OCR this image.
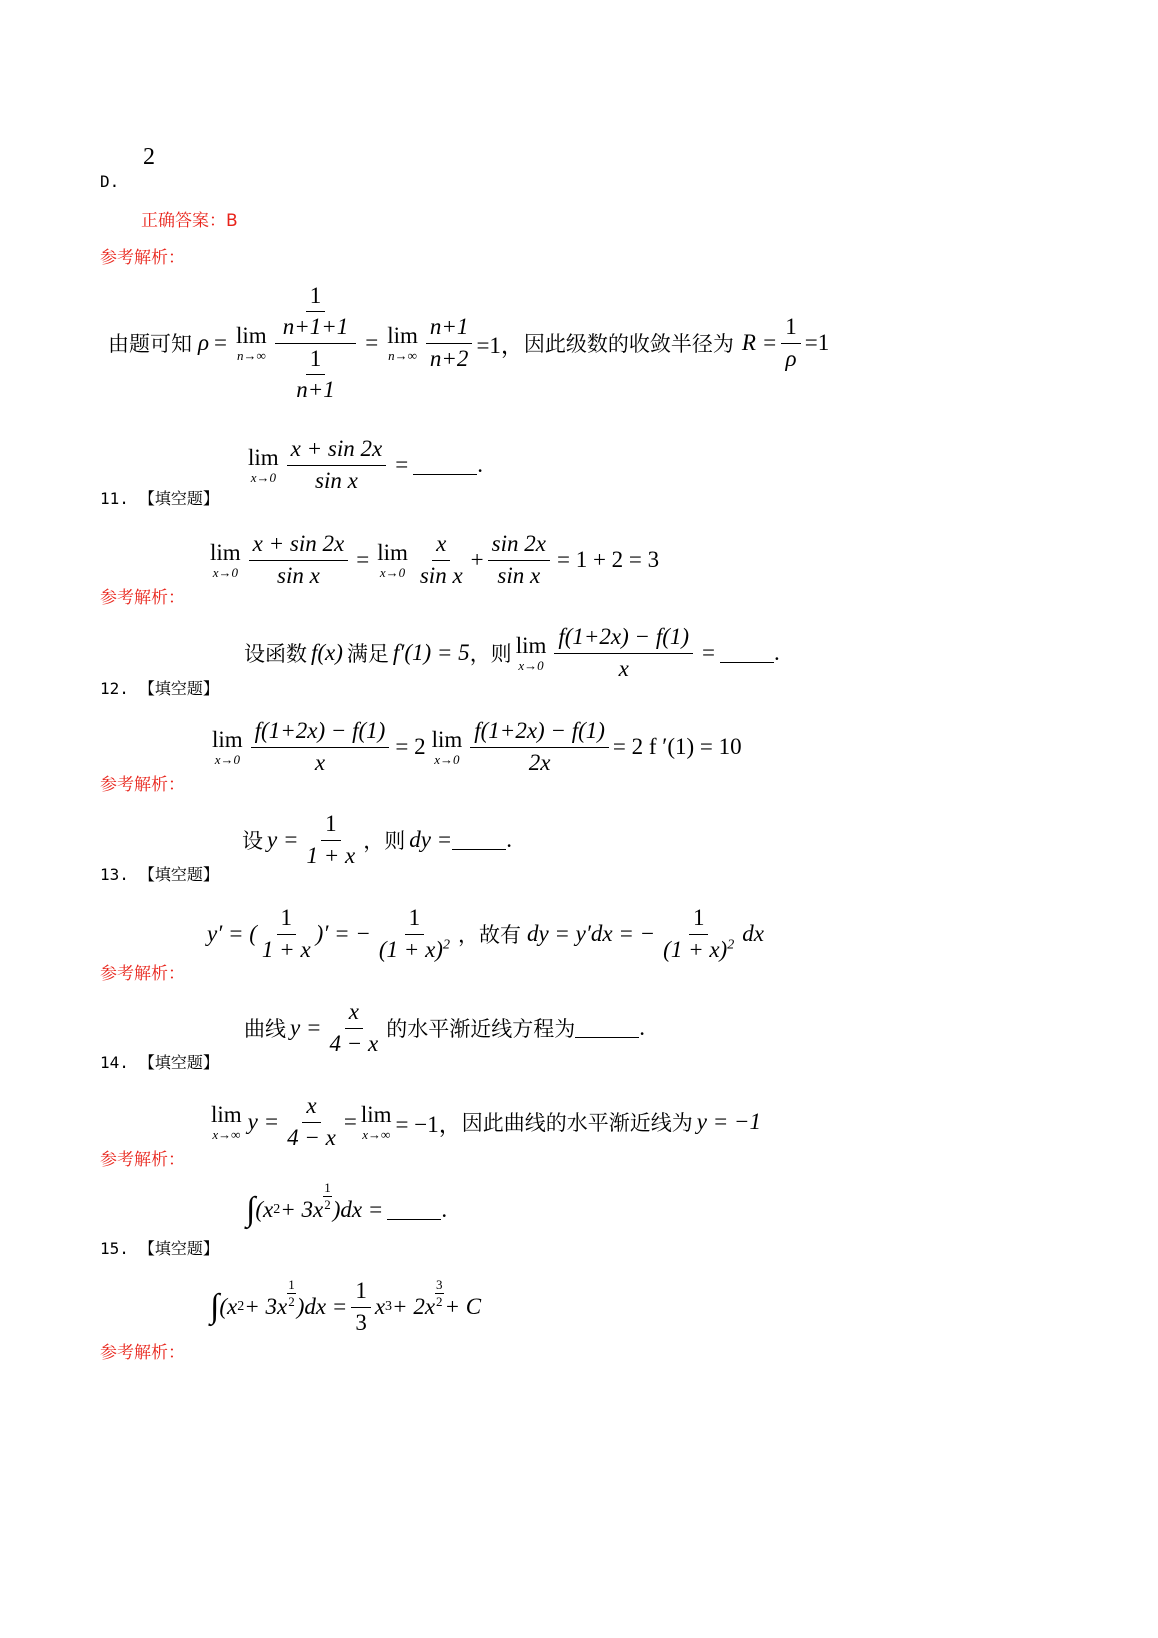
2
D.
正确答案：B
参考解析：
由题可知 ρ = lim
$n\to\infty \frac{\frac{1}{n+1+1}}{\frac{1}{n+1}} = \lim$
$n\to\infty \frac{n+1}{n+2} =1$， 因此级数的收敛半径为 $R = \frac{1}{\rho} =1$
lim
$x\to 0 \frac{x + \sin 2x}{\text{sin x}}$ =	.
11. 【填空题】
lim
$x\to 0 \frac{x + \sin 2x}{\text{sin x}} = \lim$
$x\to 0 \frac{x}{\text{sin x}} + \frac{\sin 2x}{\text{sin x}} = 1 + 2 = 3$
参考解析：
设函数 f(x) 满足 f′(1) = 5 ，则 lim
$x\to 0 \frac{f(1+2x) - f(1)}{x}$ =	.
12. 【填空题】
lim
$x\to 0 \frac{f(1+2x) - f(1)}{x} = 2$ lim
$x\to 0 \frac{f(1+2x) - f(1)}{2x} = 2$ f ′(1) = 10
参考解析：
设 $y = \frac{1}{1 + x}$ ，则 dy = .
13. 【填空题】
y′ = ( $\frac{1}{1 + x}$ )′ = − $\frac{1}{(1 + x)^2}$ ，故有 dy = y′dx = − $\frac{1}{(1 + x)^2}$ dx
参考解析：
曲线 $y = \frac{x}{4 - x}$ 的水平渐近线方程为	.
14. 【填空题】
lim
x→∞
$y = \frac{x}{4 - x} = \lim$
x→∞ = −1， 因此曲线的水平渐近线为 y = −1
参考解析：
∫ (x $2 + 3x \frac{1}{2} )dx$ =	.
15. 【填空题】
∫ (x $2 + 3x \frac{1}{2} )dx = \frac{1}{3}$ x $3 + 2x \frac{3}{2} + C$
参考解析：
